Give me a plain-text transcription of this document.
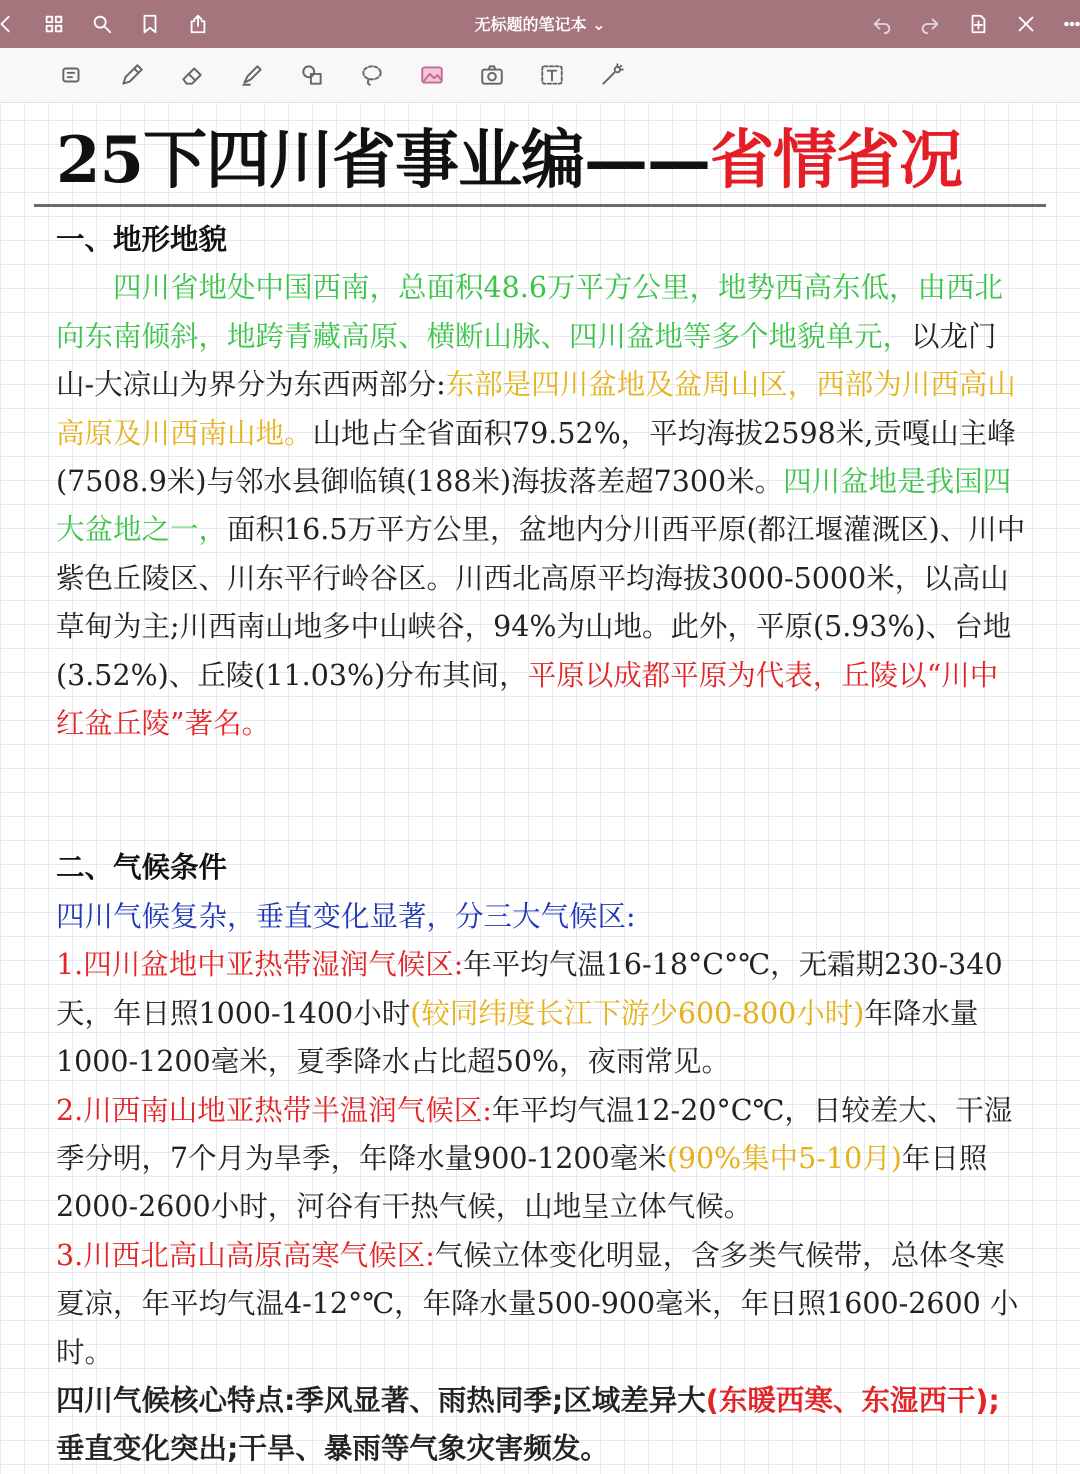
无标题的笔记本 ⌄
25下四川省事业编——省情省况

一、地形地貌

四川省地处中国西南，总面积48.6万平方公里，地势西高东低，由西北向东南倾斜，地跨青藏高原、横断山脉、四川盆地等多个地貌单元，以龙门山-大凉山为界分为东西两部分:东部是四川盆地及盆周山区，西部为川西高山高原及川西南山地。山地占全省面积79.52%，平均海拔2598米,贡嘎山主峰(7508.9米)与邻水县御临镇(188米)海拔落差超7300米。四川盆地是我国四大盆地之一，面积16.5万平方公里，盆地内分川西平原(都江堰灌溉区)、川中紫色丘陵区、川东平行岭谷区。川西北高原平均海拔3000-5000米，以高山草甸为主;川西南山地多中山峡谷，94%为山地。此外，平原(5.93%)、台地(3.52%)、丘陵(11.03%)分布其间，平原以成都平原为代表，丘陵以“川中红盆丘陵”著名。

二、气候条件

四川气候复杂，垂直变化显著，分三大气候区:

1.四川盆地中亚热带湿润气候区:年平均气温16-18°C°℃，无霜期230-340天，年日照1000-1400小时(较同纬度长江下游少600-800小时)年降水量 1000-1200毫米，夏季降水占比超50%，夜雨常见。

2.川西南山地亚热带半温润气候区:年平均气温12-20°C℃，日较差大、干湿季分明，7个月为旱季，年降水量900-1200毫米(90%集中5-10月)年日照 2000-2600小时，河谷有干热气候，山地呈立体气候。

3.川西北高山高原高寒气候区:气候立体变化明显，含多类气候带，总体冬寒夏凉，年平均气温4-12°℃，年降水量500-900毫米，年日照1600-2600 小时。

四川气候核心特点:季风显著、雨热同季;区域差异大(东暖西寒、东湿西干);垂直变化突出;干旱、暴雨等气象灾害频发。
